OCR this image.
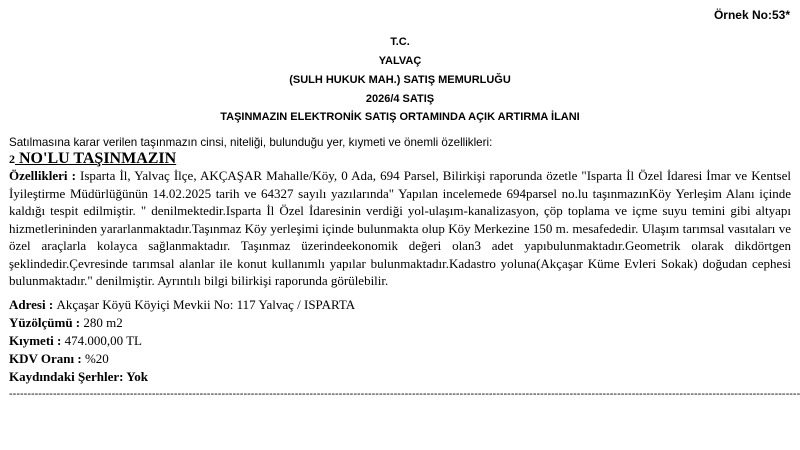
Örnek No:53*
T.C.
YALVAÇ
(SULH HUKUK MAH.) SATIŞ MEMURLUĞU
2026/4 SATIŞ
TAŞINMAZIN ELEKTRONİK SATIŞ ORTAMINDA AÇIK ARTIRMA İLANI
Satılmasına karar verilen taşınmazın cinsi, niteliği, bulunduğu yer, kıymeti ve önemli özellikleri:
2 NO'LU TAŞINMAZIN
Özellikleri : Isparta İl, Yalvaç İlçe, AKÇAŞAR Mahalle/Köy, 0 Ada, 694 Parsel, Bilirkişi raporunda özetle "Isparta İl Özel İdaresi İmar ve Kentsel İyileştirme Müdürlüğünün 14.02.2025 tarih ve 64327 sayılı yazılarında" Yapılan incelemede 694parsel no.lu taşınmazınKöy Yerleşim Alanı içinde kaldığı tespit edilmiştir. " denilmektedir.Isparta İl Özel İdaresinin verdiği yol-ulaşım-kanalizasyon, çöp toplama ve içme suyu temini gibi altyapı hizmetlerininden yararlanmaktadır.Taşınmaz Köy yerleşimi içinde bulunmakta olup Köy Merkezine 150 m. mesafededir. Ulaşım tarımsal vasıtaları ve özel araçlarla kolayca sağlanmaktadır. Taşınmaz üzerindeekonomik değeri olan3 adet yapıbulunmaktadır.Geometrik olarak dikdörtgen şeklindedir.Çevresinde tarımsal alanlar ile konut kullanımlı yapılar bulunmaktadır.Kadastro yoluna(Akçaşar Küme Evleri Sokak) doğudan cephesi bulunmaktadır." denilmiştir. Ayrıntılı bilgi bilirkişi raporunda görülebilir.
Adresi : Akçaşar Köyü Köyiçi Mevkii No: 117 Yalvaç / ISPARTA
Yüzölçümü : 280 m2
Kıymeti : 474.000,00 TL
KDV Oranı : %20
Kaydındaki Şerhler: Yok
------------------------------------------------------------------------------------------------------------------------------------------------------------------------------------------------------------------------
